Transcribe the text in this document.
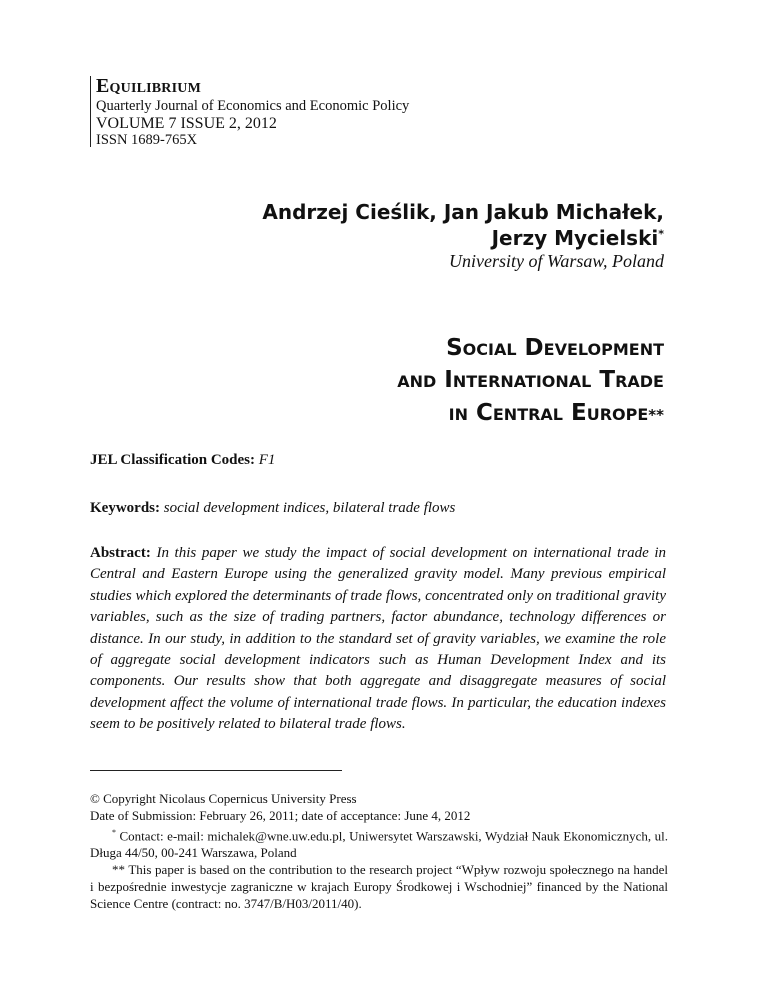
Equilibrium
Quarterly Journal of Economics and Economic Policy
VOLUME 7 ISSUE 2, 2012
ISSN 1689-765X
Andrzej Cieślik, Jan Jakub Michałek,
Jerzy Mycielski*
University of Warsaw, Poland
Social Development
and International Trade
in Central Europe**
JEL Classification Codes: F1
Keywords: social development indices, bilateral trade flows
Abstract: In this paper we study the impact of social development on international trade in Central and Eastern Europe using the generalized gravity model. Many previous empirical studies which explored the determinants of trade flows, concentrated only on traditional gravity variables, such as the size of trading partners, factor abundance, technology differences or distance. In our study, in addition to the standard set of gravity variables, we examine the role of aggregate social development indicators such as Human Development Index and its components. Our results show that both aggregate and disaggregate measures of social development affect the volume of international trade flows. In particular, the education indexes seem to be positively related to bilateral trade flows.

© Copyright Nicolaus Copernicus University Press

Date of Submission: February 26, 2011; date of acceptance: June 4, 2012

* Contact: e-mail: michalek@wne.uw.edu.pl, Uniwersytet Warszawski, Wydział Nauk Ekonomicznych, ul. Długa 44/50, 00-241 Warszawa, Poland

** This paper is based on the contribution to the research project “Wpływ rozwoju społecznego na handel i bezpośrednie inwestycje zagraniczne w krajach Europy Środkowej i Wschodniej” financed by the National Science Centre (contract: no. 3747/B/H03/2011/40).
